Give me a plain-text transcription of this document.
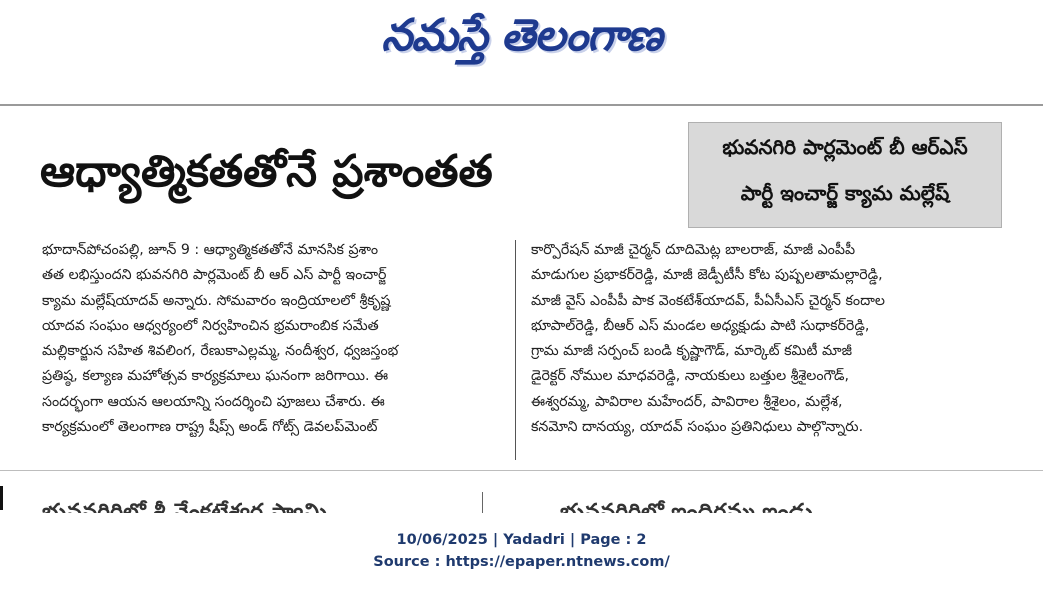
నమస్తే తెలంగాణ
ఆధ్యాత్మికతతోనే ప్రశాంతత	భువనగిరి పార్లమెంట్ బీ ఆర్ఎస్
పార్టీ ఇంచార్జ్ క్యామ మల్లేష్
భూదాన్‌పోచంపల్లి, జూన్ 9 : ఆధ్యాత్మికతతోనే మానసిక ప్రశాం
తత లభిస్తుందని భువనగిరి పార్లమెంట్ బీ ఆర్ ఎస్ పార్టీ ఇంచార్జ్
క్యామ మల్లేష్‌యాదవ్ అన్నారు. సోమవారం ఇంద్రియాలలో శ్రీకృష్ణ
యాదవ సంఘం ఆధ్వర్యంలో నిర్వహించిన భ్రమరాంబిక సమేత
మల్లికార్జున సహిత శివలింగ, రేణుకాఎల్లమ్మ, నందీశ్వర, ధ్వజస్తంభ
ప్రతిష్ఠ, కల్యాణ మహోత్సవ కార్యక్రమాలు ఘనంగా జరిగాయి. ఈ
సందర్భంగా ఆయన ఆలయాన్ని సందర్శించి పూజలు చేశారు. ఈ
కార్యక్రమంలో తెలంగాణ రాష్ట్ర షీప్స్ అండ్ గోట్స్ డెవలప్‌మెంట్
కార్పొరేషన్ మాజీ చైర్మన్ దూదిమెట్ల బాలరాజ్, మాజీ ఎంపీపీ
మాడుగుల ప్రభాకర్‌రెడ్డి, మాజీ జెడ్పీటీసీ కోట పుష్పలతామల్లారెడ్డి,
మాజీ వైస్ ఎంపీపీ పాక వెంకటేశ్‌యాదవ్, పీఏసీఎస్ చైర్మన్ కందాల
భూపాల్‌రెడ్డి, బీఆర్ ఎస్ మండల అధ్యక్షుడు పాటి సుధాకర్‌రెడ్డి,
గ్రామ మాజీ సర్పంచ్ బండి కృష్ణాగౌడ్, మార్కెట్ కమిటీ మాజీ
డైరెక్టర్ నోముల మాధవరెడ్డి, నాయకులు బత్తుల శ్రీశైలంగౌడ్,
ఈశ్వరమ్మ, పావిరాల మహేందర్, పావిరాల శ్రీశైలం, మల్లేశ,
కనమోని దానయ్య, యాదవ్ సంఘం ప్రతినిధులు పాల్గొన్నారు.
10/06/2025 | Yadadri | Page : 2
Source : https://epaper.ntnews.com/
